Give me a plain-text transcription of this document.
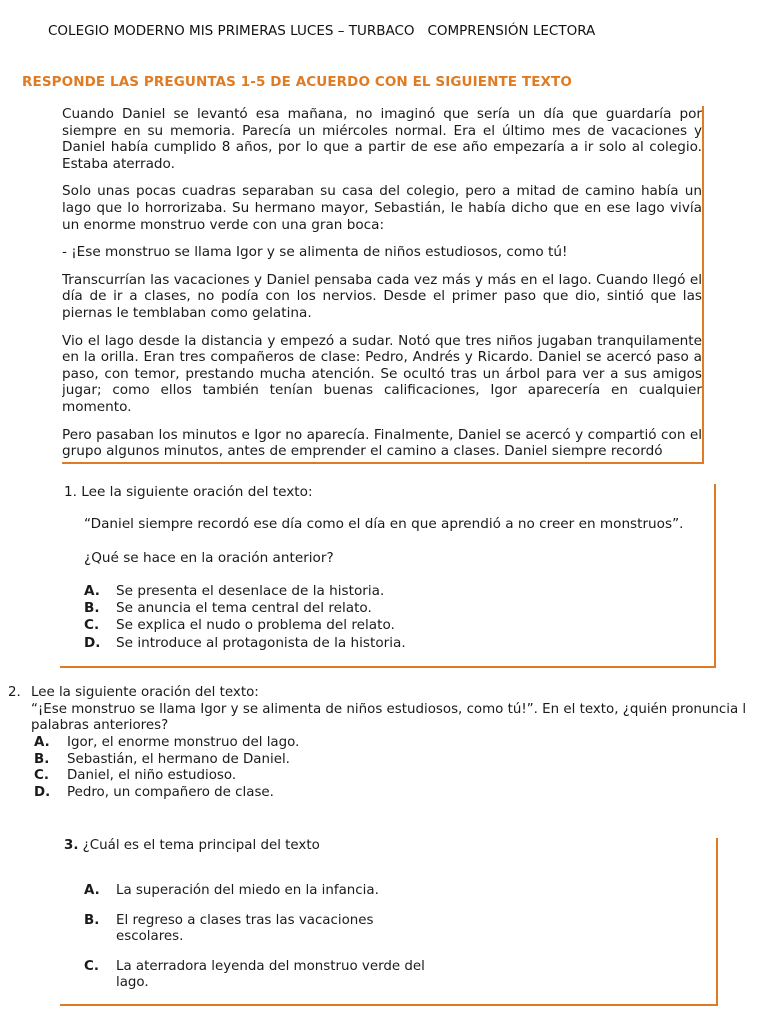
COLEGIO MODERNO MIS PRIMERAS LUCES – TURBACO COMPRENSIÓN LECTORA
RESPONDE LAS PREGUNTAS 1-5 DE ACUERDO CON EL SIGUIENTE TEXTO

Cuando Daniel se levantó esa mañana, no imaginó que sería un día que guardaría por siempre en su memoria. Parecía un miércoles normal. Era el último mes de vacaciones y Daniel había cumplido 8 años, por lo que a partir de ese año empezaría a ir solo al colegio. Estaba aterrado.

Solo unas pocas cuadras separaban su casa del colegio, pero a mitad de camino había un lago que lo horrorizaba. Su hermano mayor, Sebastián, le había dicho que en ese lago vivía un enorme monstruo verde con una gran boca:

- ¡Ese monstruo se llama Igor y se alimenta de niños estudiosos, como tú!

Transcurrían las vacaciones y Daniel pensaba cada vez más y más en el lago. Cuando llegó el día de ir a clases, no podía con los nervios. Desde el primer paso que dio, sintió que las piernas le temblaban como gelatina.

Vio el lago desde la distancia y empezó a sudar. Notó que tres niños jugaban tranquilamente en la orilla. Eran tres compañeros de clase: Pedro, Andrés y Ricardo. Daniel se acercó paso a paso, con temor, prestando mucha atención. Se ocultó tras un árbol para ver a sus amigos jugar; como ellos también tenían buenas calificaciones, Igor aparecería en cualquier momento.

Pero pasaban los minutos e Igor no aparecía. Finalmente, Daniel se acercó y compartió con el grupo algunos minutos, antes de emprender el camino a clases. Daniel siempre recordó

1. Lee la siguiente oración del texto:
“Daniel siempre recordó ese día como el día en que aprendió a no creer en monstruos”.
¿Qué se hace en la oración anterior?
A.	Se presenta el desenlace de la historia.
B.	Se anuncia el tema central del relato.
C.	Se explica el nudo o problema del relato.
D.	Se introduce al protagonista de la historia.
2. Lee la siguiente oración del texto:
“¡Ese monstruo se llama Igor y se alimenta de niños estudiosos, como tú!”. En el texto, ¿quién pronuncia l
palabras anteriores?
A.	Igor, el enorme monstruo del lago.
B.	Sebastián, el hermano de Daniel.
C.	Daniel, el niño estudioso.
D.	Pedro, un compañero de clase.
3. ¿Cuál es el tema principal del texto
A.	La superación del miedo en la infancia.
B.	El regreso a clases tras las vacaciones escolares.
C.	La aterradora leyenda del monstruo verde del lago.
